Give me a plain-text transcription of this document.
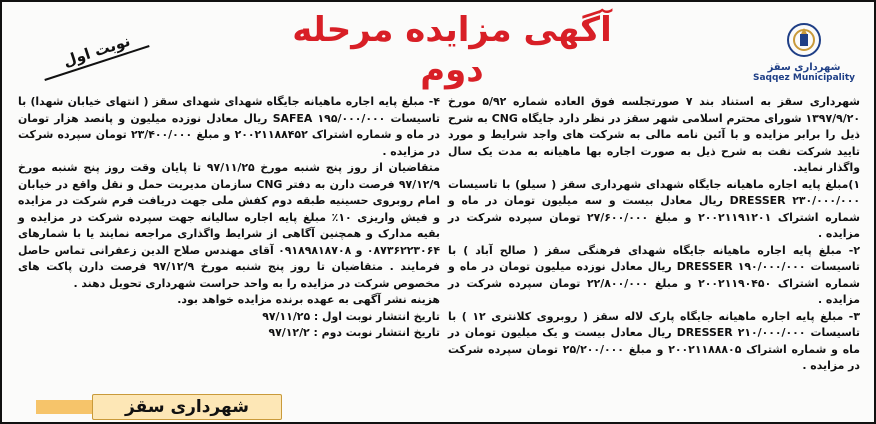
شهرداری سقز
Saqqez Municipality
آگهی مزایده مرحله دوم
نوبت اول

شهرداری سقز به استناد بند ۷ صورتجلسه فوق العاده شماره ۵/۹۲ مورخ ۱۳۹۷/۹/۲۰ شورای محترم اسلامی شهر سقز در نظر دارد جایگاه CNG به شرح ذیل را برابر مزایده و با آئین نامه مالی به شرکت های واجد شرایط و مورد تایید شرکت نفت به شرح ذیل به صورت اجاره بها ماهیانه به مدت یک سال واگذار نماید.

۱)مبلغ پایه اجاره ماهیانه جایگاه شهدای شهرداری سقز ( سیلو) با تاسیسات DRESSER ۲۳۰/۰۰۰/۰۰۰ ریال معادل بیست و سه میلیون تومان در ماه و شماره اشتراک ۲۰۰۲۱۱۹۱۲۰۱ و مبلغ ۲۷/۶۰۰/۰۰۰ تومان سپرده شرکت در مزایده .

۲- مبلغ پایه اجاره ماهیانه جایگاه شهدای فرهنگی سقز ( صالح آباد ) با تاسیسات DRESSER ۱۹۰/۰۰۰/۰۰۰ ریال معادل نوزده میلیون تومان در ماه و شماره اشتراک ۲۰۰۲۱۱۹۰۴۵۰ و مبلغ ۲۲/۸۰۰/۰۰۰ تومان سپرده شرکت در مزایده .

۳- مبلغ پایه اجاره ماهیانه جایگاه پارک لاله سقز ( روبروی کلانتری ۱۲ ) با تاسیسات DRESSER ۲۱۰/۰۰۰/۰۰۰ ریال معادل بیست و یک میلیون تومان در ماه و شماره اشتراک ۲۰۰۲۱۱۸۸۸۰۵ و مبلغ ۲۵/۲۰۰/۰۰۰ تومان سپرده شرکت در مزایده .

۴- مبلغ پایه اجاره ماهیانه جایگاه شهدای شهدای سقز ( انتهای خیابان شهدا) با تاسیسات SAFEA ۱۹۵/۰۰۰/۰۰۰ ریال معادل نوزده میلیون و پانصد هزار تومان در ماه و شماره اشتراک ۲۰۰۲۱۱۸۸۴۵۲ و مبلغ ۲۳/۴۰۰/۰۰۰ تومان سپرده شرکت در مزایده .

متقاضیان از روز پنج شنبه مورخ ۹۷/۱۱/۲۵ تا پایان وقت روز پنج شنبه مورخ ۹۷/۱۲/۹ فرصت دارن به دفتر CNG سازمان مدیریت حمل و نقل واقع در خیابان امام روبروی حسینیه طبقه دوم کفش ملی جهت دریافت فرم شرکت در مزایده و فیش واریزی ۱۰٪ مبلغ پایه اجاره سالیانه جهت سپرده شرکت در مزایده و بقیه مدارک و همچنین آگاهی از شرایط واگذاری مراجعه نمایند یا با شمارهای ۰۸۷۳۶۲۲۳۰۶۴ و ۰۹۱۸۹۸۱۸۷۰۸ آقای مهندس صلاح الدین زعفرانی تماس حاصل فرمایند . متقاضیان تا روز پنج شنبه مورخ ۹۷/۱۲/۹ فرصت دارن پاکت های مخصوص شرکت در مزایده را به واحد حراست شهرداری تحویل دهند .

هزینه نشر آگهی به عهده برنده مزایده خواهد بود.

تاریخ انتشار نوبت اول : ۹۷/۱۱/۲۵

تاریخ انتشار نوبت دوم : ۹۷/۱۲/۲

شهرداری سقز
